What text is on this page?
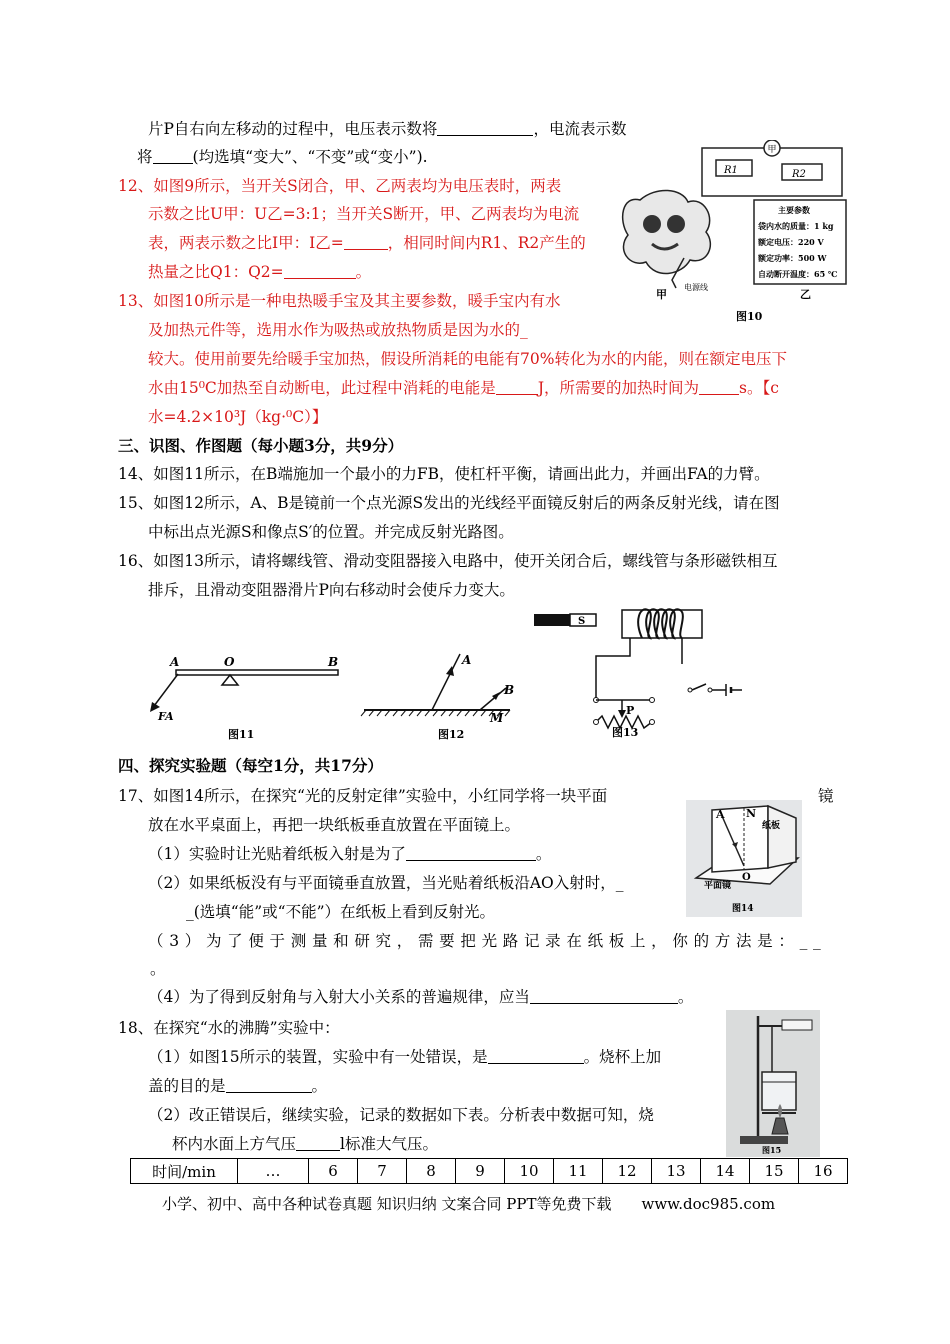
片P自右向左移动的过程中，电压表示数将	，电流表示数
将	(均选填“变大”、“不变”或“变小”).
12、如图9所示，当开关S闭合，甲、乙两表均为电压表时，两表
示数之比U甲：U乙=3:1；当开关S断开，甲、乙两表均为电流
表，两表示数之比I甲：I乙=	，相同时间内R1、R2产生的
热量之比Q1：Q2=	。
13、如图10所示是一种电热暖手宝及其主要参数，暖手宝内有水
及加热元件等，选用水作为吸热或放热物质是因为水的_
较大。使用前要先给暖手宝加热，假设所消耗的电能有70%转化为水的内能，则在额定电压下
水由15⁰C加热至自动断电，此过程中消耗的电能是	J，所需要的加热时间为	s。【c
水=4.2×10³J（kg·⁰C）】
甲
R1	R2
电源线
主要参数
袋内水的质量：1 kg
额定电压：220 V
额定功率：500 W
自动断开温度：65 ℃
甲	乙
图10
三、识图、作图题（每小题3分，共9分）
14、如图11所示，在B端施加一个最小的力FB，使杠杆平衡，请画出此力，并画出FA的力臂。
15、如图12所示，A、B是镜前一个点光源S发出的光线经平面镜反射后的两条反射光线，请在图
中标出点光源S和像点S′的位置。并完成反射光路图。
16、如图13所示，请将螺线管、滑动变阻器接入电路中，使开关闭合后，螺线管与条形磁铁相互
排斥，且滑动变阻器滑片P向右移动时会使斥力变大。
A	O	B
FA
图11
A
B
M
图12
S
P
图13
四、探究实验题（每空1分，共17分）
17、如图14所示，在探究“光的反射定律”实验中，小红同学将一块平面	镜
放在水平桌面上，再把一块纸板垂直放置在平面镜上。
（1）实验时让光贴着纸板入射是为了	。
（2）如果纸板没有与平面镜垂直放置，当光贴着纸板沿AO入射时，_
_(选填“能”或“不能”）在纸板上看到反射光。
（3）为了便于测量和研究，需要把光路记录在纸板上，你的方法是：__
。
（4）为了得到反射角与入射大小关系的普遍规律，应当	。
A N
纸板
O
平面镜
图14
18、在探究“水的沸腾”实验中：
（1）如图15所示的装置，实验中有一处错误，是	。烧杯上加
盖的目的是	。
（2）改正错误后，继续实验，记录的数据如下表。分析表中数据可知，烧
杯内水面上方气压	l标准大气压。	图15
时间/min	…	6	7	8	9	10	11	12	13	14	15	16
小学、初中、高中各种试卷真题 知识归纳 文案合同 PPT等免费下载　　www.doc985.com
